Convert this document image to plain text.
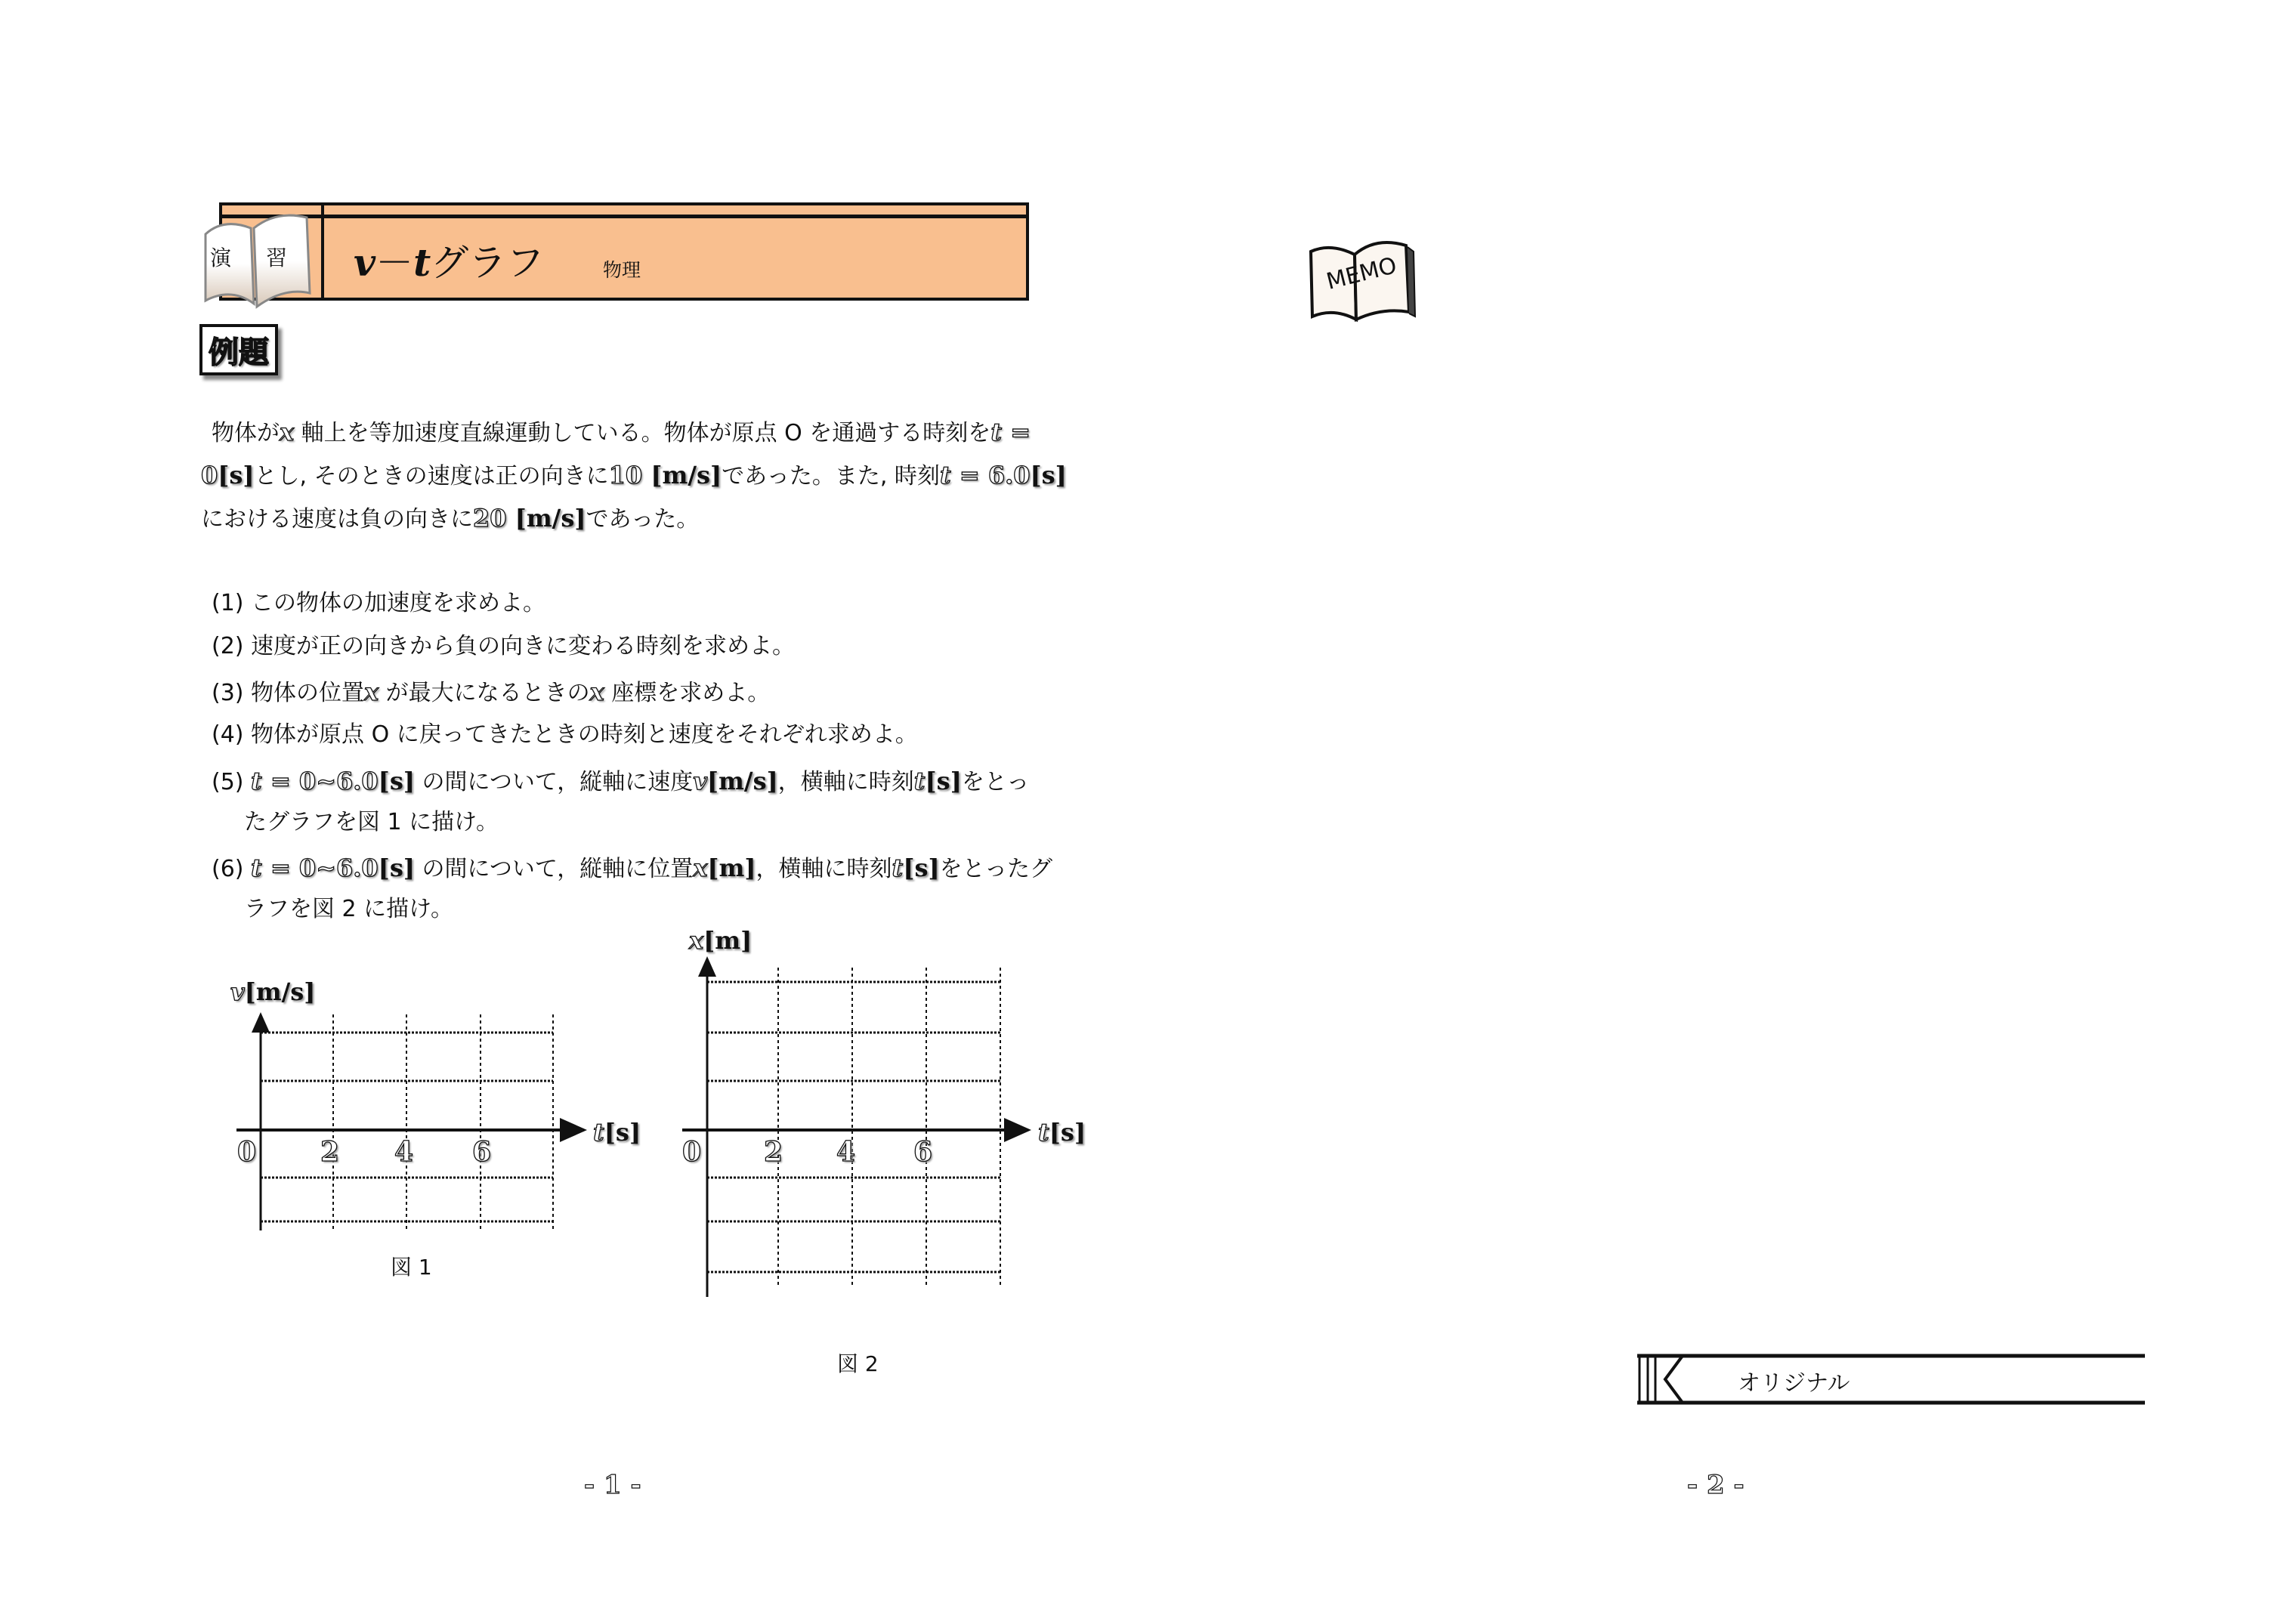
演 習 v－tグラフ	物理
例題
物体がx 軸上を等加速度直線運動している。物体が原点 O を通過する時刻をt =
0[s]とし, そのときの速度は正の向きに10 [m/s]であった。また, 時刻t = 6.0[s]
における速度は負の向きに20 [m/s]であった。
(1) この物体の加速度を求めよ。
(2) 速度が正の向きから負の向きに変わる時刻を求めよ。
(3) 物体の位置x が最大になるときのx 座標を求めよ。
(4) 物体が原点 O に戻ってきたときの時刻と速度をそれぞれ求めよ。
(5) t = 0~6.0[s] の間について，縦軸に速度v[m/s]，横軸に時刻t[s]をとっ
たグラフを図 1 に描け。
(6) t = 0~6.0[s] の間について，縦軸に位置x[m]，横軸に時刻t[s]をとったグ
ラフを図 2 に描け。
v[m/s]
t[s]
0 2 4 6
図 1
x[m]
t[s]
0 2 4 6
図 2
MEMO
オリジナル
- 1 -	- 2 -
